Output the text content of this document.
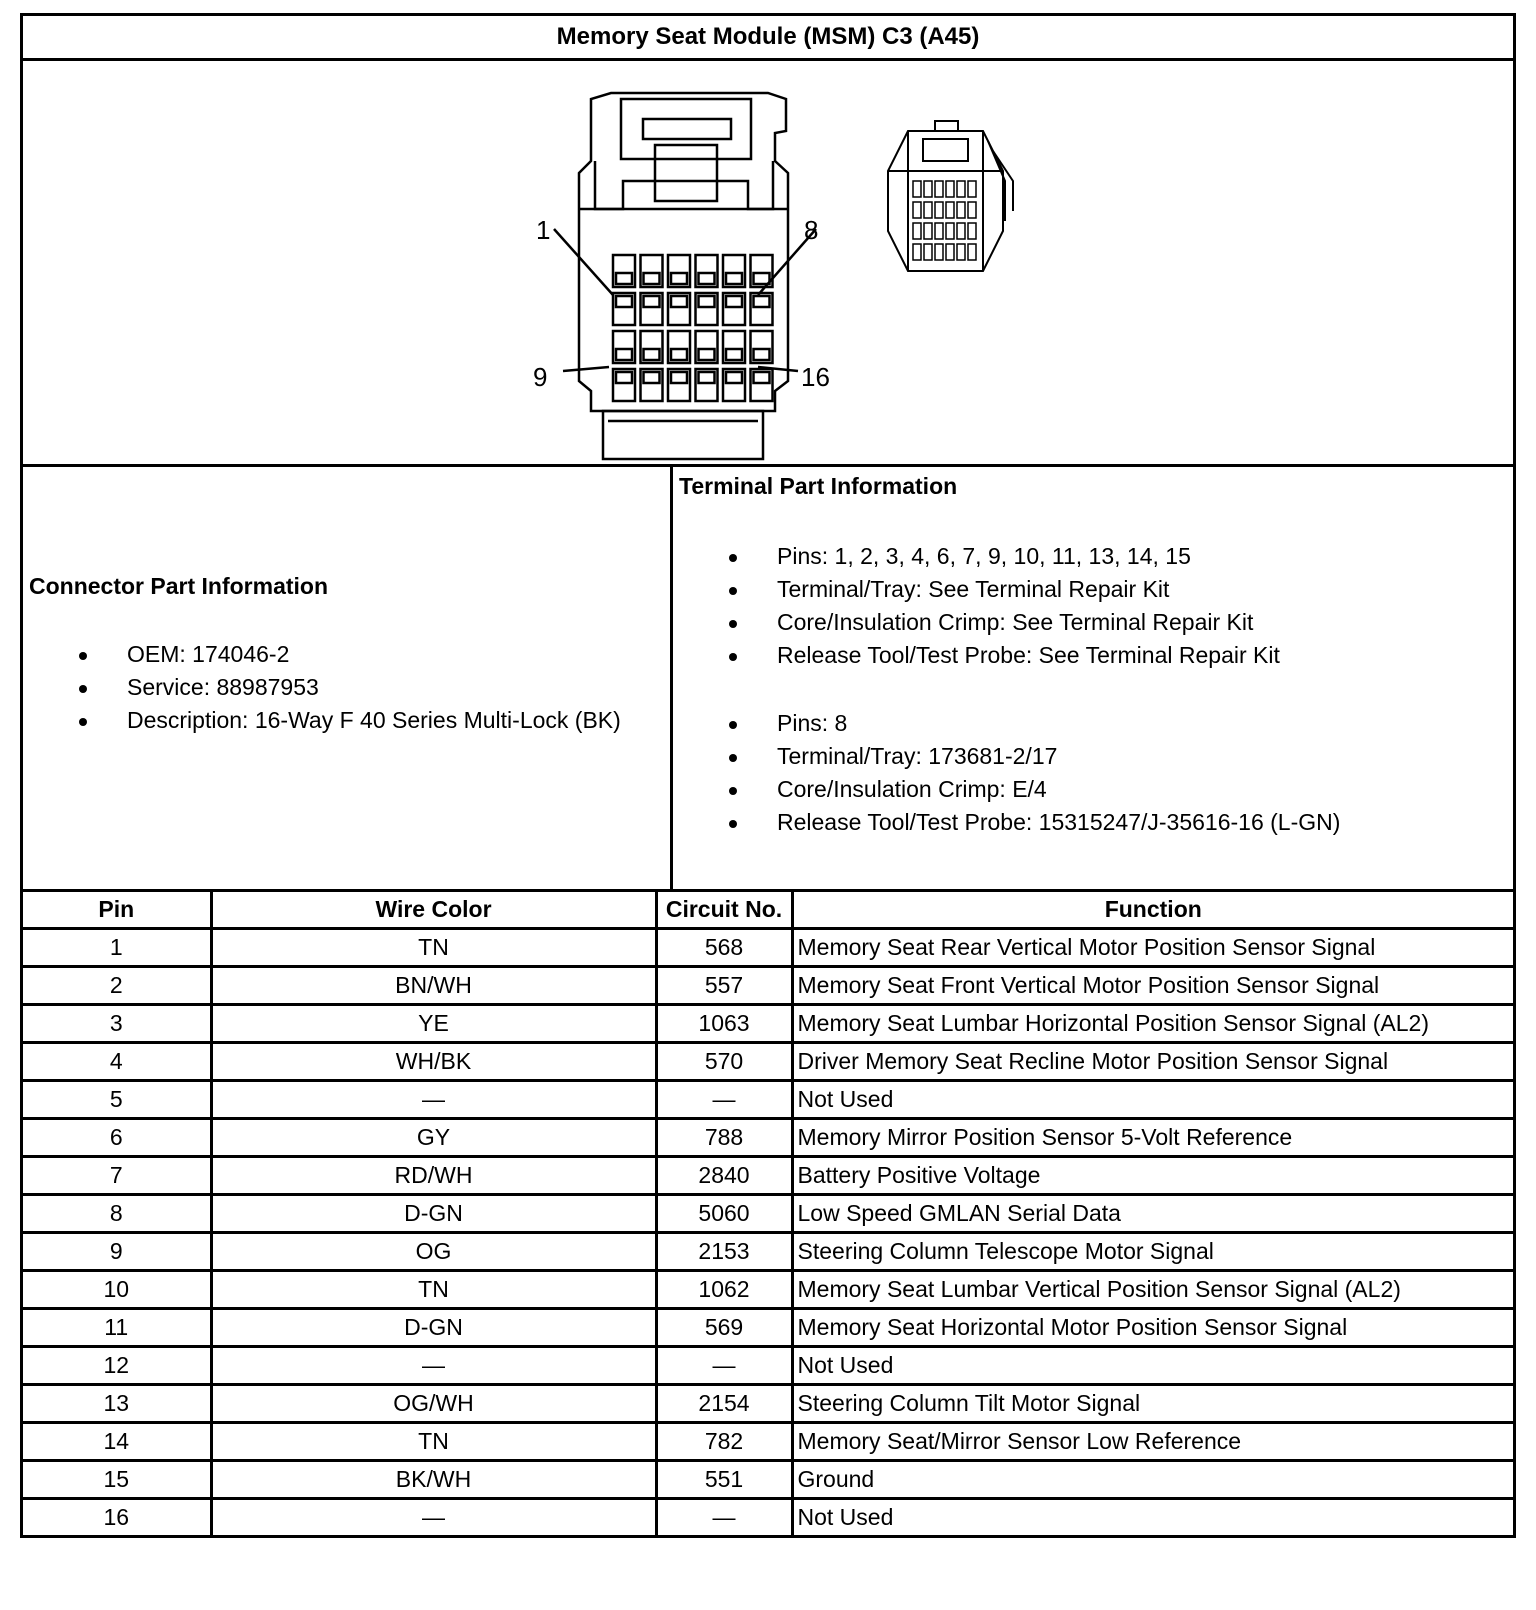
Memory Seat Module (MSM) C3 (A45)
1	8
9	16
Connector Part Information
OEM: 174046-2
Service: 88987953
Description: 16-Way F 40 Series Multi-Lock (BK)
Terminal Part Information
Pins: 1, 2, 3, 4, 6, 7, 9, 10, 11, 13, 14, 15
Terminal/Tray: See Terminal Repair Kit
Core/Insulation Crimp: See Terminal Repair Kit
Release Tool/Test Probe: See Terminal Repair Kit
Pins: 8
Terminal/Tray: 173681-2/17
Core/Insulation Crimp: E/4
Release Tool/Test Probe: 15315247/J-35616-16 (L-GN)
Pin	Wire Color	Circuit No.	Function
1	TN	568	Memory Seat Rear Vertical Motor Position Sensor Signal
2	BN/WH	557	Memory Seat Front Vertical Motor Position Sensor Signal
3	YE	1063	Memory Seat Lumbar Horizontal Position Sensor Signal (AL2)
4	WH/BK	570	Driver Memory Seat Recline Motor Position Sensor Signal
5	—	—	Not Used
6	GY	788	Memory Mirror Position Sensor 5-Volt Reference
7	RD/WH	2840	Battery Positive Voltage
8	D-GN	5060	Low Speed GMLAN Serial Data
9	OG	2153	Steering Column Telescope Motor Signal
10	TN	1062	Memory Seat Lumbar Vertical Position Sensor Signal (AL2)
11	D-GN	569	Memory Seat Horizontal Motor Position Sensor Signal
12	—	—	Not Used
13	OG/WH	2154	Steering Column Tilt Motor Signal
14	TN	782	Memory Seat/Mirror Sensor Low Reference
15	BK/WH	551	Ground
16	—	—	Not Used
